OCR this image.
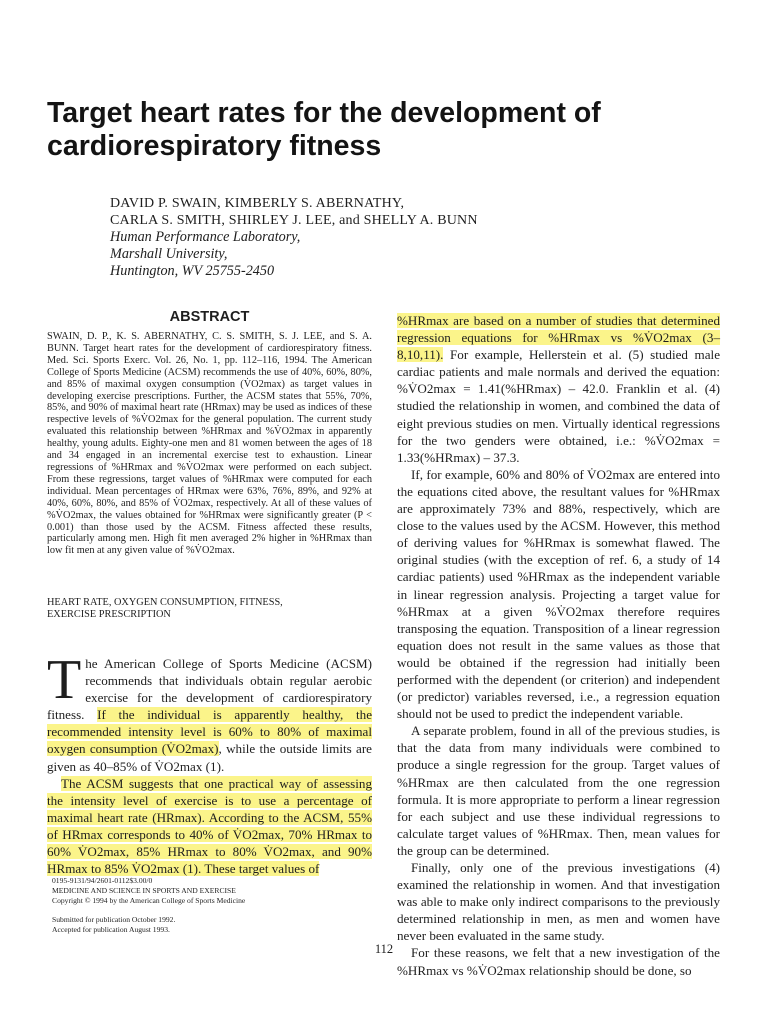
Target heart rates for the development of cardiorespiratory fitness
DAVID P. SWAIN, KIMBERLY S. ABERNATHY,
CARLA S. SMITH, SHIRLEY J. LEE, and SHELLY A. BUNN
Human Performance Laboratory,
Marshall University,
Huntington, WV 25755-2450
ABSTRACT
SWAIN, D. P., K. S. ABERNATHY, C. S. SMITH, S. J. LEE, and S. A. BUNN. Target heart rates for the development of cardiorespiratory fitness. Med. Sci. Sports Exerc. Vol. 26, No. 1, pp. 112–116, 1994. The American College of Sports Medicine (ACSM) recommends the use of 40%, 60%, 80%, and 85% of maximal oxygen consumption (V̇O2max) as target values in developing exercise prescriptions. Further, the ACSM states that 55%, 70%, 85%, and 90% of maximal heart rate (HRmax) may be used as indices of these respective levels of %V̇O2max for the general population. The current study evaluated this relationship between %HRmax and %V̇O2max in apparently healthy, young adults. Eighty-one men and 81 women between the ages of 18 and 34 engaged in an incremental exercise test to exhaustion. Linear regressions of %HRmax and %V̇O2max were performed on each subject. From these regressions, target values of %HRmax were computed for each individual. Mean percentages of HRmax were 63%, 76%, 89%, and 92% at 40%, 60%, 80%, and 85% of V̇O2max, respectively. At all of these values of %V̇O2max, the values obtained for %HRmax were significantly greater (P < 0.001) than those used by the ACSM. Fitness affected these results, particularly among men. High fit men averaged 2% higher in %HRmax than low fit men at any given value of %V̇O2max.
HEART RATE, OXYGEN CONSUMPTION, FITNESS,
EXERCISE PRESCRIPTION

The American College of Sports Medicine (ACSM) recommends that individuals obtain regular aerobic exercise for the development of cardiorespiratory fitness. If the individual is apparently healthy, the recommended intensity level is 60% to 80% of maximal oxygen consumption (V̇O2max), while the outside limits are given as 40–85% of V̇O2max (1).

The ACSM suggests that one practical way of assessing the intensity level of exercise is to use a percentage of maximal heart rate (HRmax). According to the ACSM, 55% of HRmax corresponds to 40% of V̇O2max, 70% HRmax to 60% V̇O2max, 85% HRmax to 80% V̇O2max, and 90% HRmax to 85% V̇O2max (1). These target values of

0195-9131/94/2601-0112$3.00/0
MEDICINE AND SCIENCE IN SPORTS AND EXERCISE
Copyright © 1994 by the American College of Sports Medicine
Submitted for publication October 1992.
Accepted for publication August 1993.

%HRmax are based on a number of studies that determined regression equations for %HRmax vs %V̇O2max (3–8,10,11). For example, Hellerstein et al. (5) studied male cardiac patients and male normals and derived the equation: %V̇O2max = 1.41(%HRmax) – 42.0. Franklin et al. (4) studied the relationship in women, and combined the data of eight previous studies on men. Virtually identical regressions for the two genders were obtained, i.e.: %V̇O2max = 1.33(%HRmax) – 37.3.

If, for example, 60% and 80% of V̇O2max are entered into the equations cited above, the resultant values for %HRmax are approximately 73% and 88%, respectively, which are close to the values used by the ACSM. However, this method of deriving values for %HRmax is somewhat flawed. The original studies (with the exception of ref. 6, a study of 14 cardiac patients) used %HRmax as the independent variable in linear regression analysis. Projecting a target value for %HRmax at a given %V̇O2max therefore requires transposing the equation. Transposition of a linear regression equation does not result in the same values as those that would be obtained if the regression had initially been performed with the dependent (or criterion) and independent (or predictor) variables reversed, i.e., a regression equation should not be used to predict the independent variable.

A separate problem, found in all of the previous studies, is that the data from many individuals were combined to produce a single regression for the group. Target values of %HRmax are then calculated from the one regression formula. It is more appropriate to perform a linear regression for each subject and use these individual regressions to calculate target values of %HRmax. Then, mean values for the group can be determined.

Finally, only one of the previous investigations (4) examined the relationship in women. And that investigation was able to make only indirect comparisons to the previously determined relationship in men, as men and women have never been evaluated in the same study.

For these reasons, we felt that a new investigation of the %HRmax vs %V̇O2max relationship should be done, so

112
